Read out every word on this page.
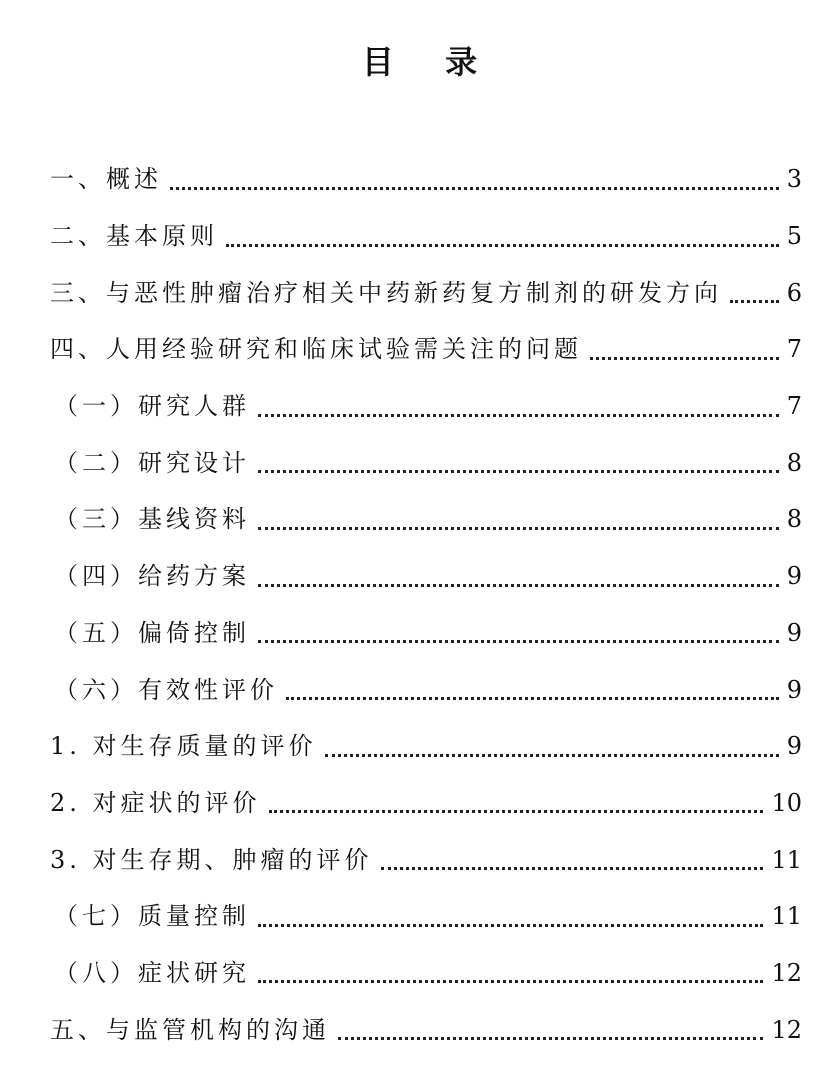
目 录
一、概述	3
二、基本原则	5
三、与恶性肿瘤治疗相关中药新药复方制剂的研发方向	6
四、人用经验研究和临床试验需关注的问题	7
（一）研究人群	7
（二）研究设计	8
（三）基线资料	8
（四）给药方案	9
（五）偏倚控制	9
（六）有效性评价	9
1. 对生存质量的评价	9
2. 对症状的评价	10
3. 对生存期、肿瘤的评价	11
（七）质量控制	11
（八）症状研究	12
五、与监管机构的沟通	12
